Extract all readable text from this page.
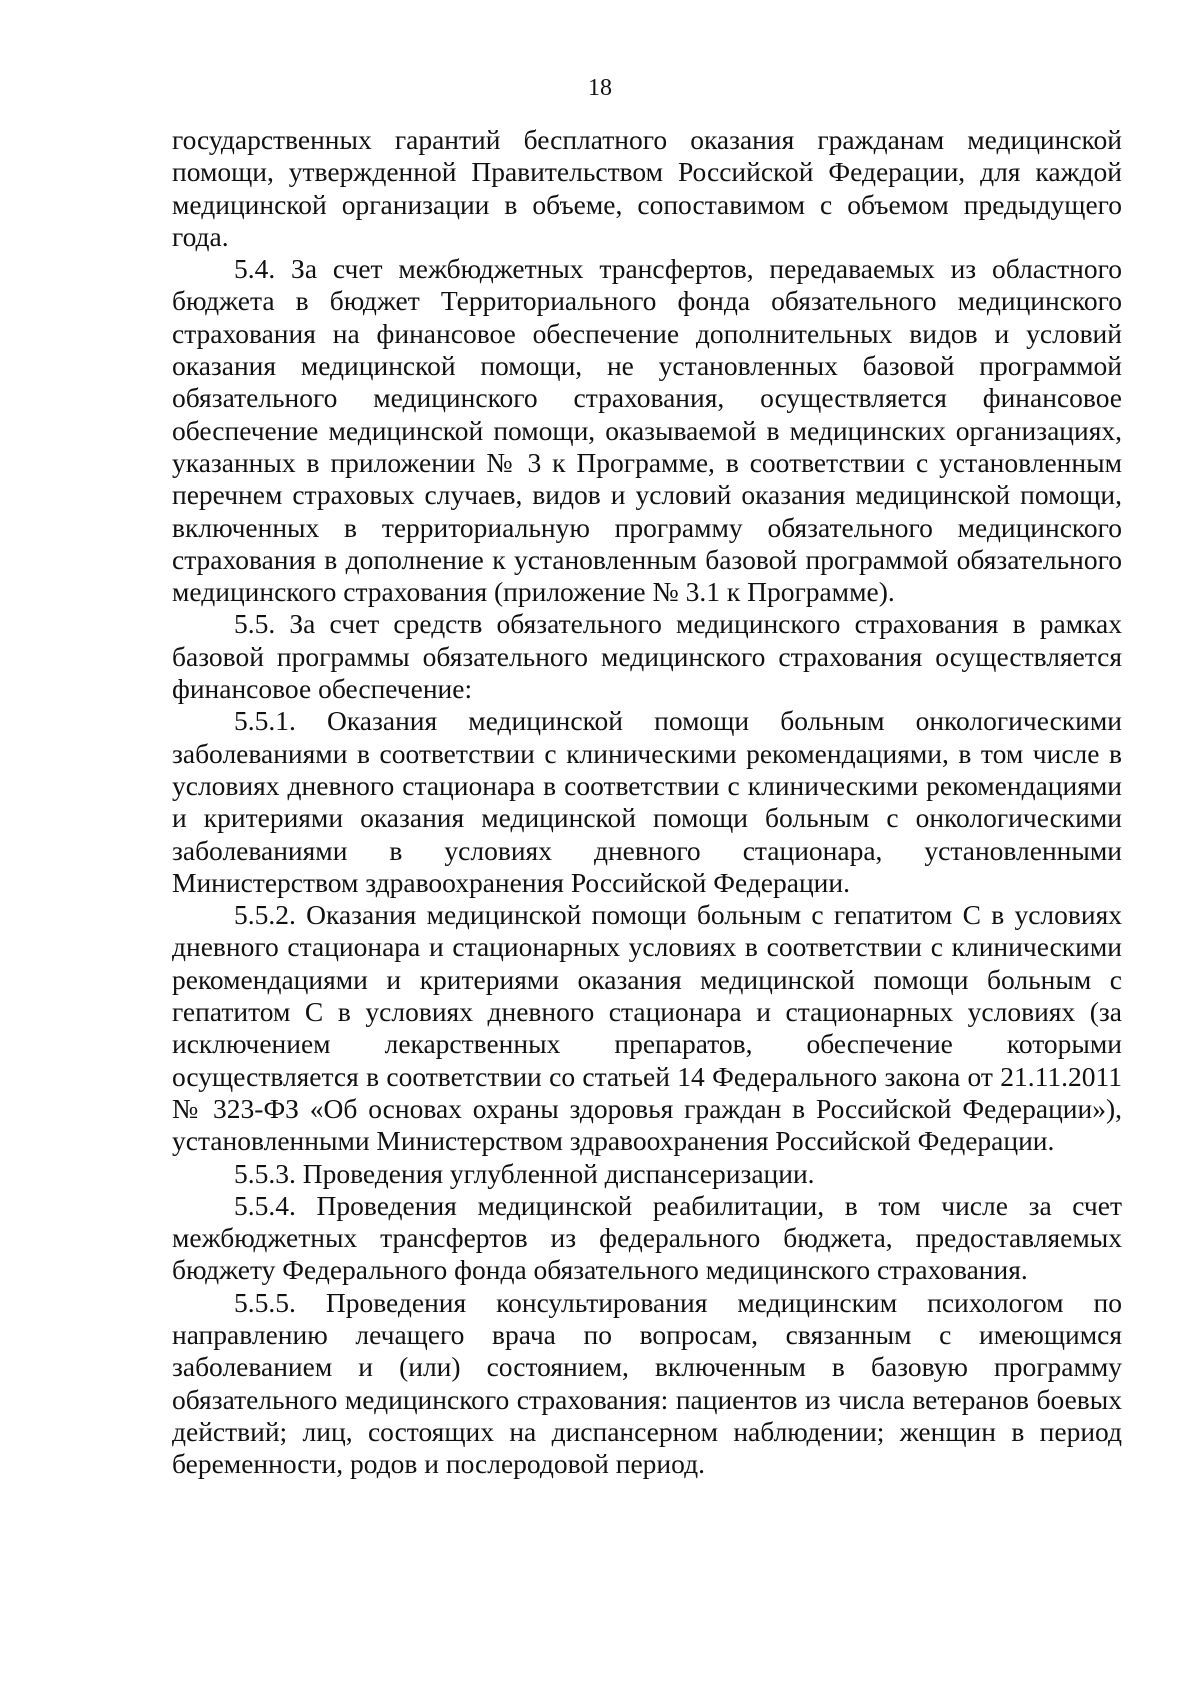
18

государственных гарантий бесплатного оказания гражданам медицинской помощи, утвержденной Правительством Российской Федерации, для каждой медицинской организации в объеме, сопоставимом с объемом предыдущего года.

5.4. За счет межбюджетных трансфертов, передаваемых из областного бюджета в бюджет Территориального фонда обязательного медицинского страхования на финансовое обеспечение дополнительных видов и условий оказания медицинской помощи, не установленных базовой программой обязательного медицинского страхования, осуществляется финансовое обеспечение медицинской помощи, оказываемой в медицинских организациях, указанных в приложении № 3 к Программе, в соответствии с установленным перечнем страховых случаев, видов и условий оказания медицинской помощи, включенных в территориальную программу обязательного медицинского страхования в дополнение к установленным базовой программой обязательного медицинского страхования (приложение № 3.1 к Программе).

5.5. За счет средств обязательного медицинского страхования в рамках базовой программы обязательного медицинского страхования осуществляется финансовое обеспечение:

5.5.1. Оказания медицинской помощи больным онкологическими заболеваниями в соответствии с клиническими рекомендациями, в том числе в условиях дневного стационара в соответствии с клиническими рекомендациями и критериями оказания медицинской помощи больным с онкологическими заболеваниями в условиях дневного стационара, установленными Министерством здравоохранения Российской Федерации.

5.5.2. Оказания медицинской помощи больным с гепатитом С в условиях дневного стационара и стационарных условиях в соответствии с клиническими рекомендациями и критериями оказания медицинской помощи больным с гепатитом С в условиях дневного стационара и стационарных условиях (за исключением лекарственных препаратов, обеспечение которыми осуществляется в соответствии со статьей 14 Федерального закона от 21.11.2011 № 323-ФЗ «Об основах охраны здоровья граждан в Российской Федерации»), установленными Министерством здравоохранения Российской Федерации.

5.5.3. Проведения углубленной диспансеризации.

5.5.4. Проведения медицинской реабилитации, в том числе за счет межбюджетных трансфертов из федерального бюджета, предоставляемых бюджету Федерального фонда обязательного медицинского страхования.

5.5.5. Проведения консультирования медицинским психологом по направлению лечащего врача по вопросам, связанным с имеющимся заболеванием и (или) состоянием, включенным в базовую программу обязательного медицинского страхования: пациентов из числа ветеранов боевых действий; лиц, состоящих на диспансерном наблюдении; женщин в период беременности, родов и послеродовой период.
